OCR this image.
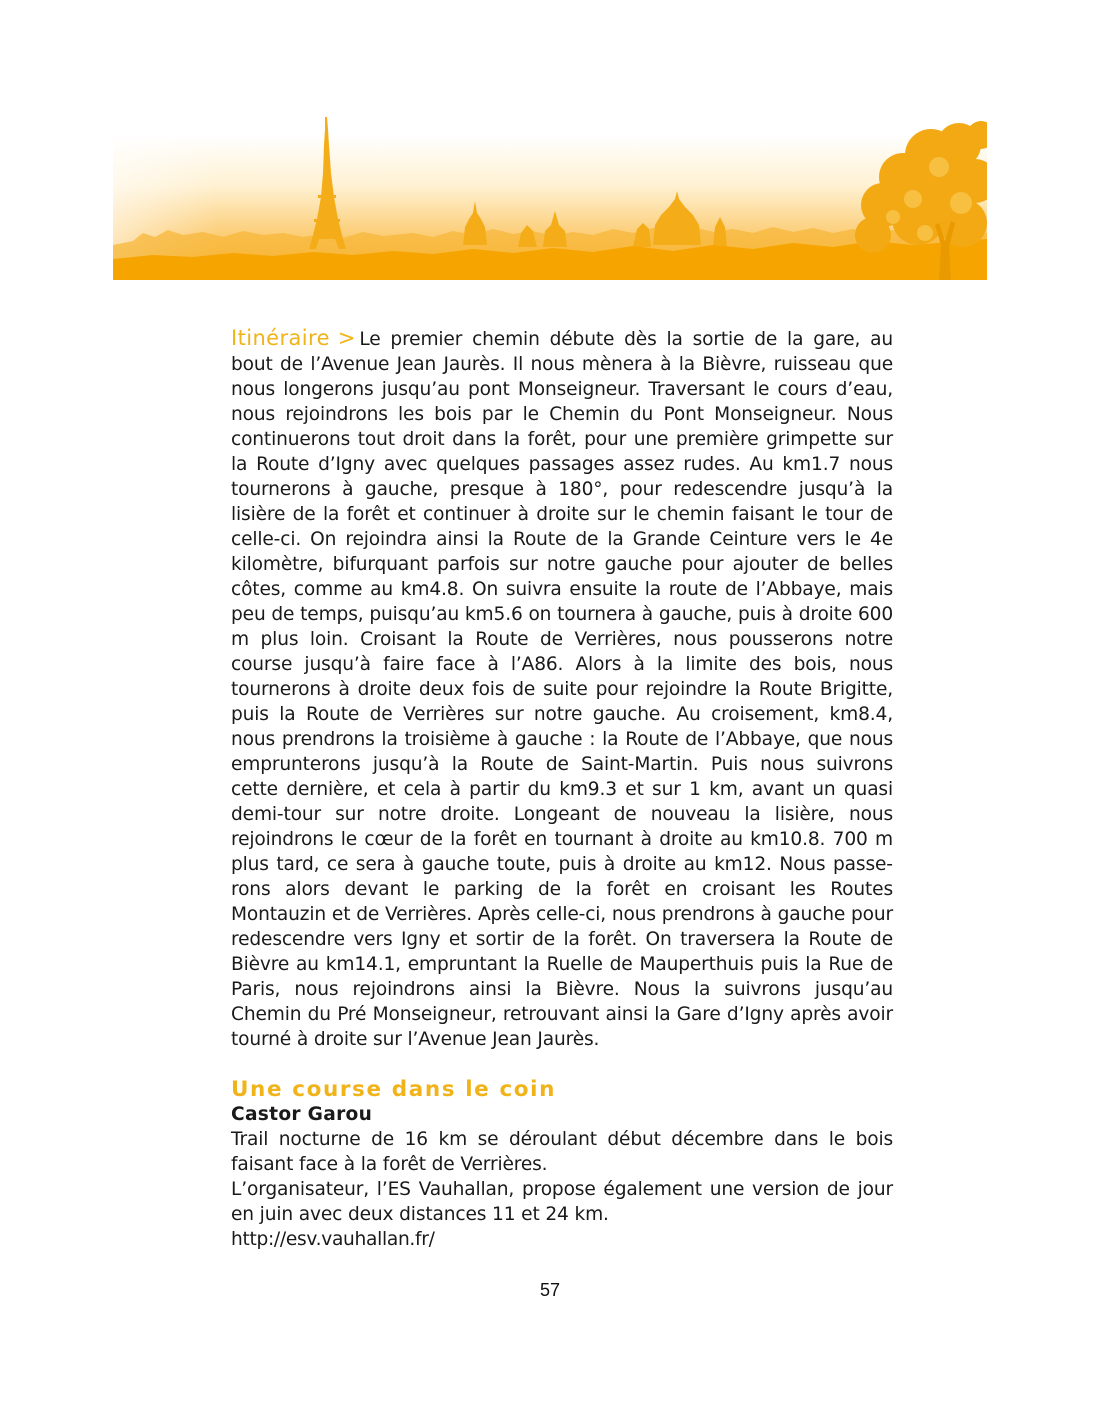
Itinéraire > Le premier chemin débute dès la sortie de la gare, au bout de l’Avenue Jean Jaurès. Il nous mènera à la Bièvre, ruisseau que nous longerons jusqu’au pont Monseigneur. Traversant le cours d’eau, nous rejoindrons les bois par le Chemin du Pont Monseigneur. Nous continuerons tout droit dans la forêt, pour une première grimpette sur la Route d’Igny avec quelques passages assez rudes. Au km1.7 nous tournerons à gauche, presque à 180°, pour redescendre jusqu’à la lisière de la forêt et continuer à droite sur le chemin faisant le tour de celle-ci. On rejoindra ainsi la Route de la Grande Ceinture vers le 4e kilomètre, bifurquant parfois sur notre gauche pour ajouter de belles côtes, comme au km4.8. On suivra ensuite la route de l’Abbaye, mais peu de temps, puisqu’au km5.6 on tournera à gauche, puis à droite 600 m plus loin. Croisant la Route de Verrières, nous pousserons notre course jusqu’à faire face à l’A86. Alors à la limite des bois, nous tournerons à droite deux fois de suite pour rejoindre la Route Brigitte, puis la Route de Verrières sur notre gauche. Au croisement, km8.4, nous prendrons la troisième à gauche : la Route de l’Abbaye, que nous emprunterons jusqu’à la Route de Saint-Martin. Puis nous suivrons cette dernière, et cela à partir du km9.3 et sur 1 km, avant un quasi demi-tour sur notre droite. Longeant de nouveau la lisière, nous rejoindrons le cœur de la forêt en tournant à droite au km10.8. 700 m plus tard, ce sera à gauche toute, puis à droite au km12. Nous passerons alors devant le parking de la forêt en croisant les Routes Montauzin et de Verrières. Après celle-ci, nous prendrons à gauche pour redescendre vers Igny et sortir de la forêt. On traversera la Route de Bièvre au km14.1, empruntant la Ruelle de Mauperthuis puis la Rue de Paris, nous rejoindrons ainsi la Bièvre. Nous la suivrons jusqu’au Chemin du Pré Monseigneur, retrouvant ainsi la Gare d’Igny après avoir tourné à droite sur l’Avenue Jean Jaurès.

Une course dans le coin
Castor Garou

Trail nocturne de 16 km se déroulant début décembre dans le bois faisant face à la forêt de Verrières.

L’organisateur, l’ES Vauhallan, propose également une version de jour en juin avec deux distances 11 et 24 km.

http://esv.vauhallan.fr/

57
